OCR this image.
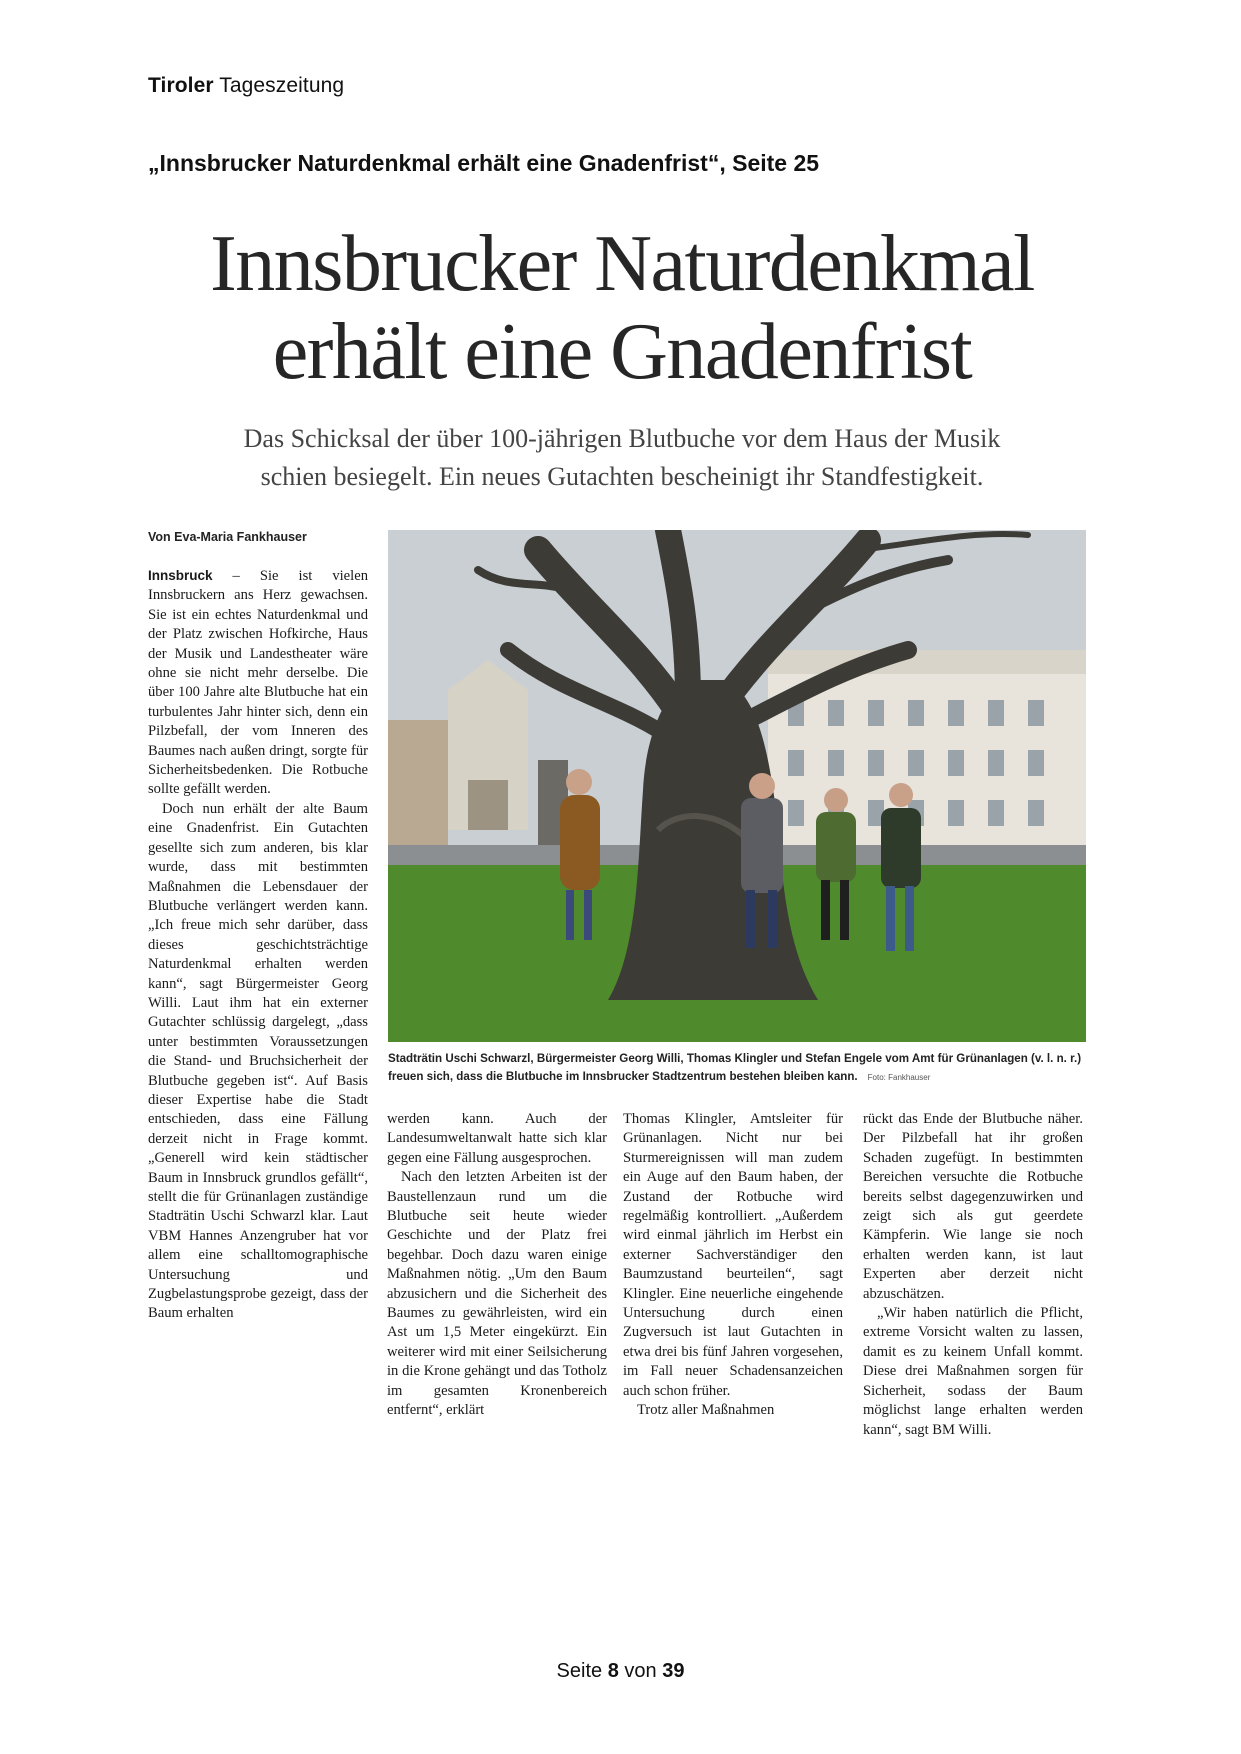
Tiroler Tageszeitung
„Innsbrucker Naturdenkmal erhält eine Gnadenfrist“, Seite 25
Innsbrucker Naturdenkmal
erhält eine Gnadenfrist
Das Schicksal der über 100-jährigen Blutbuche vor dem Haus der Musik
schien besiegelt. Ein neues Gutachten bescheinigt ihr Standfestigkeit.
Von Eva-Maria Fankhauser

Innsbruck – Sie ist vielen Innsbruckern ans Herz gewachsen. Sie ist ein echtes Naturdenkmal und der Platz zwischen Hofkirche, Haus der Musik und Landestheater wäre ohne sie nicht mehr derselbe. Die über 100 Jahre alte Blutbuche hat ein turbulentes Jahr hinter sich, denn ein Pilzbefall, der vom Inneren des Baumes nach außen dringt, sorgte für Sicherheitsbedenken. Die Rotbuche sollte gefällt werden.

Doch nun erhält der alte Baum eine Gnadenfrist. Ein Gutachten gesellte sich zum anderen, bis klar wurde, dass mit bestimmten Maßnahmen die Lebensdauer der Blutbuche verlängert werden kann. „Ich freue mich sehr darüber, dass dieses geschichtsträchtige Naturdenkmal erhalten werden kann“, sagt Bürgermeister Georg Willi. Laut ihm hat ein externer Gutachter schlüssig dargelegt, „dass unter bestimmten Voraussetzungen die Stand- und Bruchsicherheit der Blutbuche gegeben ist“. Auf Basis dieser Expertise habe die Stadt entschieden, dass eine Fällung derzeit nicht in Frage kommt. „Generell wird kein städtischer Baum in Innsbruck grundlos gefällt“, stellt die für Grünanlagen zuständige Stadträtin Uschi Schwarzl klar. Laut VBM Hannes Anzengruber hat vor allem eine schalltomographische Untersuchung und Zugbelastungsprobe gezeigt, dass der Baum erhalten

Stadträtin Uschi Schwarzl, Bürgermeister Georg Willi, Thomas Klingler und Stefan Engele vom Amt für Grünanlagen (v. l. n. r.) freuen sich, dass die Blutbuche im Innsbrucker Stadtzentrum bestehen bleiben kann. Foto: Fankhauser

werden kann. Auch der Landesumweltanwalt hatte sich klar gegen eine Fällung ausgesprochen.

Nach den letzten Arbeiten ist der Baustellenzaun rund um die Blutbuche seit heute wieder Geschichte und der Platz frei begehbar. Doch dazu waren einige Maßnahmen nötig. „Um den Baum abzusichern und die Sicherheit des Baumes zu gewährleisten, wird ein Ast um 1,5 Meter eingekürzt. Ein weiterer wird mit einer Seilsicherung in die Krone gehängt und das Totholz im gesamten Kronenbereich entfernt“, erklärt

Thomas Klingler, Amtsleiter für Grünanlagen. Nicht nur bei Sturmereignissen will man zudem ein Auge auf den Baum haben, der Zustand der Rotbuche wird regelmäßig kontrolliert. „Außerdem wird einmal jährlich im Herbst ein externer Sachverständiger den Baumzustand beurteilen“, sagt Klingler. Eine neuerliche eingehende Untersuchung durch einen Zugversuch ist laut Gutachten in etwa drei bis fünf Jahren vorgesehen, im Fall neuer Schadensanzeichen auch schon früher.

Trotz aller Maßnahmen

rückt das Ende der Blutbuche näher. Der Pilzbefall hat ihr großen Schaden zugefügt. In bestimmten Bereichen versuchte die Rotbuche bereits selbst dagegenzuwirken und zeigt sich als gut geerdete Kämpferin. Wie lange sie noch erhalten werden kann, ist laut Experten aber derzeit nicht abzuschätzen.

„Wir haben natürlich die Pflicht, extreme Vorsicht walten zu lassen, damit es zu keinem Unfall kommt. Diese drei Maßnahmen sorgen für Sicherheit, sodass der Baum möglichst lange erhalten werden kann“, sagt BM Willi.

Seite 8 von 39
